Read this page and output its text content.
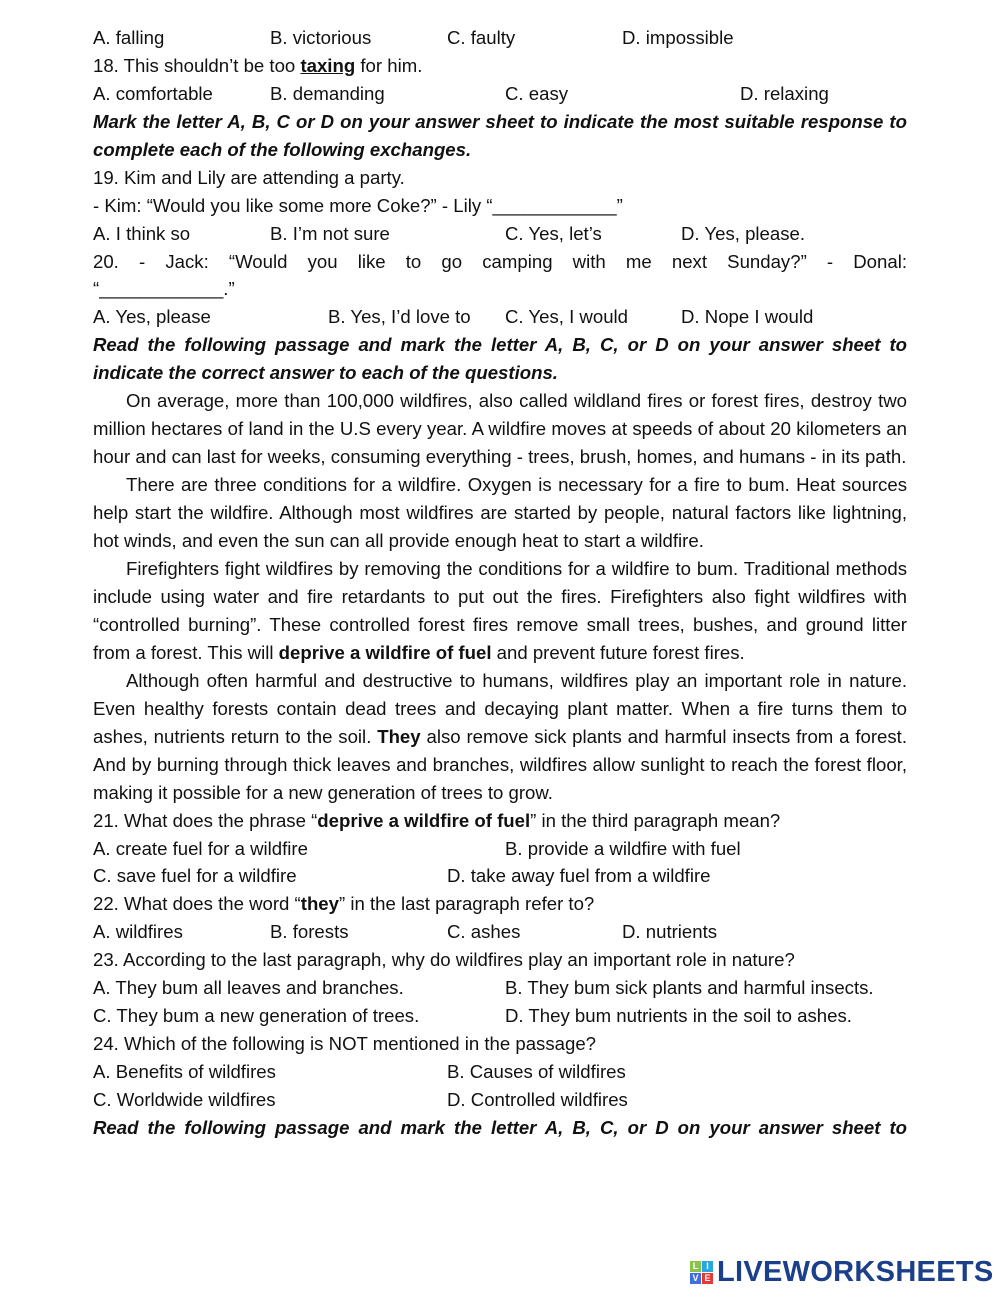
A. falling	B. victorious	C. faulty	D. impossible
18. This shouldn’t be too taxing for him.
A. comfortable	B. demanding	C. easy	D. relaxing
Mark the letter A, B, C or D on your answer sheet to indicate the most suitable response to complete each of the following exchanges.
19. Kim and Lily are attending a party.
- Kim: “Would you like some more Coke?” - Lily “____________”
A. I think so	B. I’m not sure	C. Yes, let’s	D. Yes, please.
20. - Jack: “Would you like to go camping with me next Sunday?” - Donal:
“____________.”
A. Yes, please	B. Yes, I’d love to C. Yes, I would	D. Nope I would
Read the following passage and mark the letter A, B, C, or D on your answer sheet to indicate the correct answer to each of the questions.
On average, more than 100,000 wildfires, also called wildland fires or forest fires, destroy two million hectares of land in the U.S every year. A wildfire moves at speeds of about 20 kilometers an hour and can last for weeks, consuming everything - trees, brush, homes, and humans - in its path.
There are three conditions for a wildfire. Oxygen is necessary for a fire to bum. Heat sources help start the wildfire. Although most wildfires are started by people, natural factors like lightning, hot winds, and even the sun can all provide enough heat to start a wildfire.
Firefighters fight wildfires by removing the conditions for a wildfire to bum. Traditional methods include using water and fire retardants to put out the fires. Firefighters also fight wildfires with “controlled burning”. These controlled forest fires remove small trees, bushes, and ground litter from a forest. This will deprive a wildfire of fuel and prevent future forest fires.
Although often harmful and destructive to humans, wildfires play an important role in nature. Even healthy forests contain dead trees and decaying plant matter. When a fire turns them to ashes, nutrients return to the soil. They also remove sick plants and harmful insects from a forest. And by burning through thick leaves and branches, wildfires allow sunlight to reach the forest floor, making it possible for a new generation of trees to grow.
21. What does the phrase “deprive a wildfire of fuel” in the third paragraph mean?
A. create fuel for a wildfire	B. provide a wildfire with fuel
C. save fuel for a wildfire	D. take away fuel from a wildfire
22. What does the word “they” in the last paragraph refer to?
A. wildfires	B. forests	C. ashes	D. nutrients
23. According to the last paragraph, why do wildfires play an important role in nature?
A. They bum all leaves and branches.	B. They bum sick plants and harmful insects.
C. They bum a new generation of trees.	D. They bum nutrients in the soil to ashes.
24. Which of the following is NOT mentioned in the passage?
A. Benefits of wildfires	B. Causes of wildfires
C. Worldwide wildfires	D. Controlled wildfires
Read the following passage and mark the letter A, B, C, or D on your answer sheet to
L I
V E LIVEWORKSHEETS
